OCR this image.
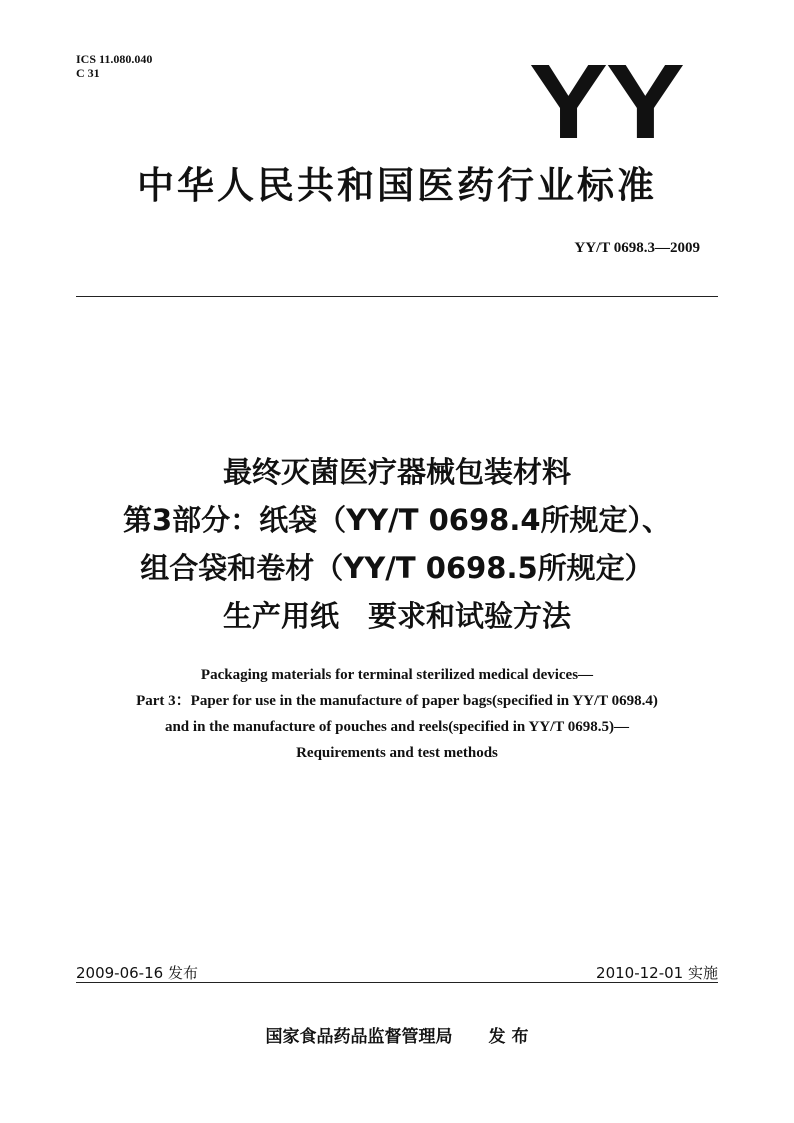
ICS 11.080.040
C 31	YY
中华人民共和国医药行业标准
YY/T 0698.3—2009
最终灭菌医疗器械包装材料
第3部分：纸袋（YY/T 0698.4所规定）、
组合袋和卷材（YY/T 0698.5所规定）
生产用纸　要求和试验方法
Packaging materials for terminal sterilized medical devices—
Part 3：Paper for use in the manufacture of paper bags(specified in YY/T 0698.4)
and in the manufacture of pouches and reels(specified in YY/T 0698.5)—
Requirements and test methods
2009-06-16 发布	2010-12-01 实施
国家食品药品监督管理局 发 布
